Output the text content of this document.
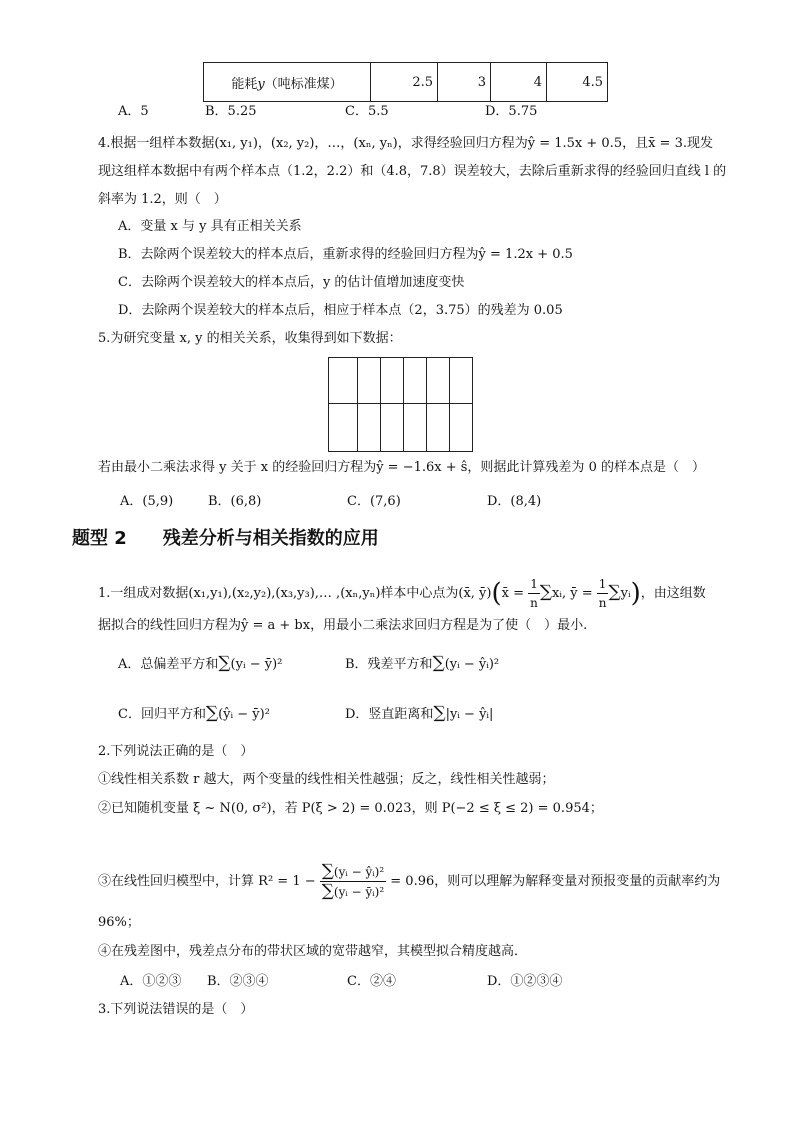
能耗𝑦（吨标准煤）	2.5	3	4	4.5
A．5	B．5.25	C．5.5	D．5.75
4.根据一组样本数据(x₁, y₁)，(x₂, y₂)，…，(xₙ, yₙ)，求得经验回归方程为ŷ = 1.5x + 0.5，且x̄ = 3.现发
现这组样本数据中有两个样本点（1.2，2.2）和（4.8，7.8）误差较大，去除后重新求得的经验回归直线 l 的
斜率为 1.2，则（　）
A．变量 x 与 y 具有正相关关系
B．去除两个误差较大的样本点后，重新求得的经验回归方程为ŷ = 1.2x + 0.5
C．去除两个误差较大的样本点后，y 的估计值增加速度变快
D．去除两个误差较大的样本点后，相应于样本点（2，3.75）的残差为 0.05
5.为研究变量 x, y 的相关关系，收集得到如下数据：

若由最小二乘法求得 y 关于 x 的经验回归方程为ŷ = −1.6x + ŝ，则据此计算残差为 0 的样本点是（　）
A．(5,9)	B．(6,8)	C．(7,6)	D．(8,4)
题型 2　　残差分析与相关指数的应用
1.一组成对数据(x₁,y₁),(x₂,y₂),(x₃,y₃),… ,(xₙ,yₙ)样本中心点为(x̄, ȳ)(x̄ = $\frac{1}{n}$ ∑xᵢ, ȳ = $\frac{1}{n}$ ∑yᵢ)，由这组数
据拟合的线性回归方程为ŷ = a + bx，用最小二乘法求回归方程是为了使（　）最小.
A．总偏差平方和∑(yᵢ − ȳ)²	B．残差平方和∑(yᵢ − ŷᵢ)²
C．回归平方和∑(ŷᵢ − ȳ)²	D．竖直距离和∑|yᵢ − ŷᵢ|
2.下列说法正确的是（　）
①线性相关系数 r 越大，两个变量的线性相关性越强；反之，线性相关性越弱；
②已知随机变量 ξ ~ N(0, σ²)，若 P(ξ > 2) = 0.023，则 P(−2 ≤ ξ ≤ 2) = 0.954；
③在线性回归模型中，计算 $R^2 = 1 - \frac{\text{∑(yᵢ − ŷᵢ)²}}{\text{∑(yᵢ − ȳᵢ)²}} = 0.96$，则可以理解为解释变量对预报变量的贡献率约为
96%；
④在残差图中，残差点分布的带状区域的宽带越窄，其模型拟合精度越高．
A．①②③ B．②③④	C．②④	D．①②③④
3.下列说法错误的是（　）
